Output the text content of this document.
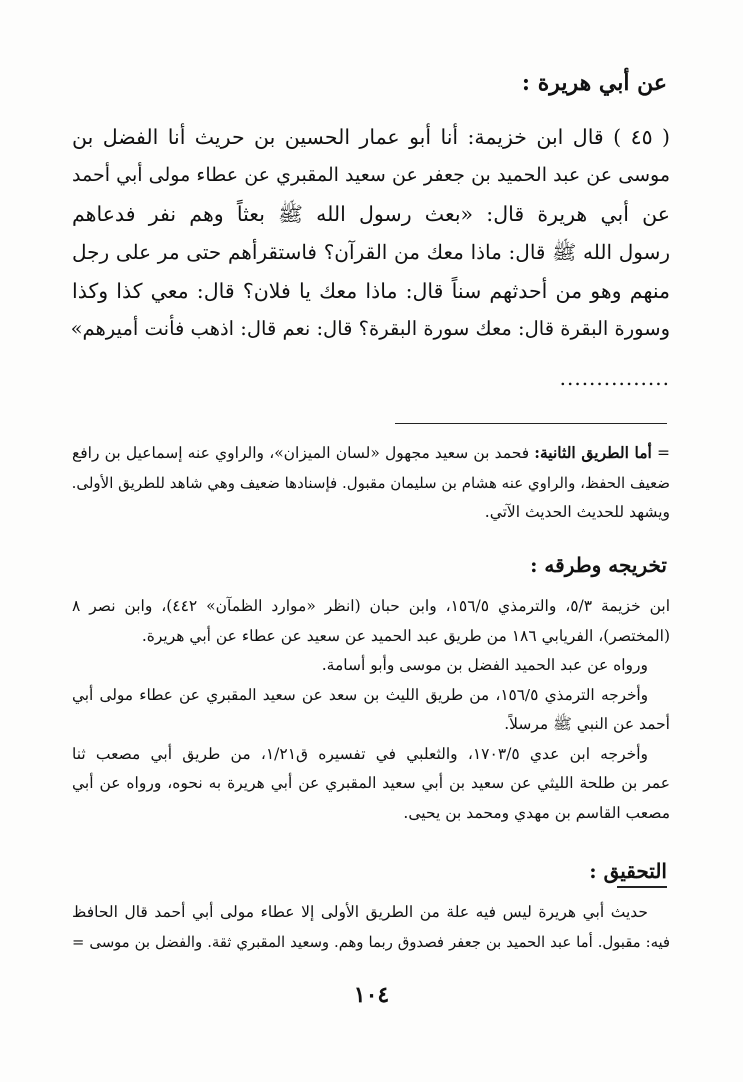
عن أبي هريرة :
( ٤٥ ) قال ابن خزيمة: أنا أبو عمار الحسين بن حريث أنا الفضل بن
موسى عن عبد الحميد بن جعفر عن سعيد المقبري عن عطاء مولى أبي أحمد
عن أبي هريرة قال: «بعث رسول الله ﷺ بعثاً وهم نفر فدعاهم
رسول الله ﷺ قال: ماذا معك من القرآن؟ فاستقرأهم حتى مر على رجل
منهم وهو من أحدثهم سناً قال: ماذا معك يا فلان؟ قال: معي كذا وكذا
وسورة البقرة قال: معك سورة البقرة؟ قال: نعم قال: اذهب فأنت أميرهم»
...............
= أما الطريق الثانية: فحمد بن سعيد مجهول «لسان الميزان»، والراوي عنه إسماعيل بن رافع
ضعيف الحفظ، والراوي عنه هشام بن سليمان مقبول. فإسنادها ضعيف وهي شاهد للطريق الأولى.
ويشهد للحديث الحديث الآتي.
تخريجه وطرقه :
ابن خزيمة ٥/٣، والترمذي ١٥٦/٥، وابن حبان (انظر «موارد الظمآن» ٤٤٢)، وابن نصر ٨
(المختصر)، الفريابي ١٨٦ من طريق عبد الحميد عن سعيد عن عطاء عن أبي هريرة.
ورواه عن عبد الحميد الفضل بن موسى وأبو أسامة.
وأخرجه الترمذي ١٥٦/٥، من طريق الليث بن سعد عن سعيد المقبري عن عطاء مولى أبي
أحمد عن النبي ﷺ مرسلاً.
وأخرجه ابن عدي ١٧٠٣/٥، والثعلبي في تفسيره ق١/٢١، من طريق أبي مصعب ثنا
عمر بن طلحة الليثي عن سعيد بن أبي سعيد المقبري عن أبي هريرة به نحوه، ورواه عن أبي
مصعب القاسم بن مهدي ومحمد بن يحيى.
التحقيق :
حديث أبي هريرة ليس فيه علة من الطريق الأولى إلا عطاء مولى أبي أحمد قال الحافظ
فيه: مقبول. أما عبد الحميد بن جعفر فصدوق ربما وهم. وسعيد المقبري ثقة. والفضل بن موسى =
١٠٤
